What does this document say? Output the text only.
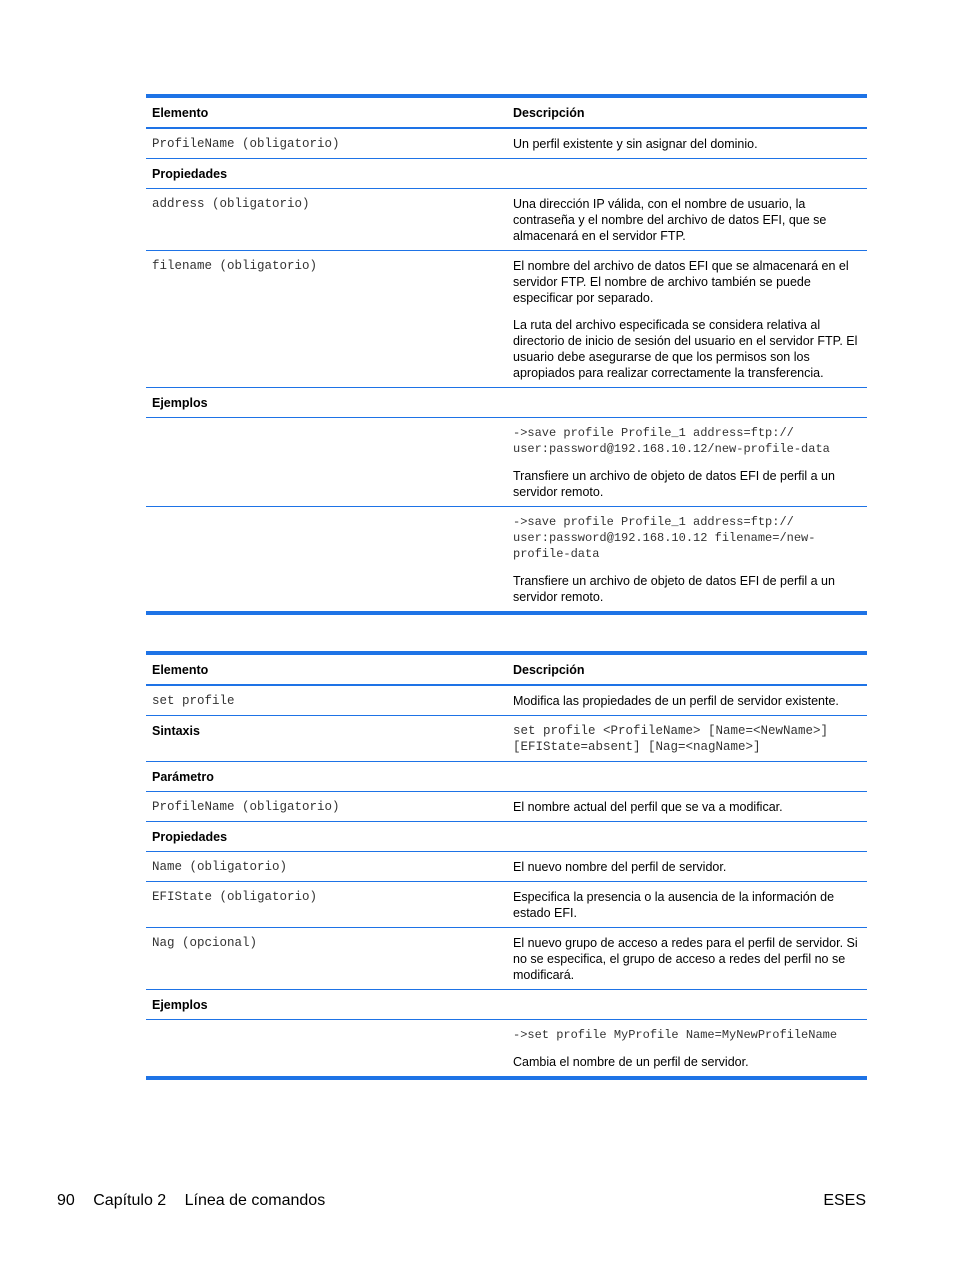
Elemento	Descripción
ProfileName (obligatorio)	Un perfil existente y sin asignar del dominio.
Propiedades	
address (obligatorio)	Una dirección IP válida, con el nombre de usuario, la contraseña y el nombre del archivo de datos EFI, que se almacenará en el servidor FTP.
filename (obligatorio)	El nombre del archivo de datos EFI que se almacenará en el servidor FTP. El nombre de archivo también se puede especificar por separado.
La ruta del archivo especificada se considera relativa al directorio de inicio de sesión del usuario en el servidor FTP. El usuario debe asegurarse de que los permisos son los apropiados para realizar correctamente la transferencia.

Ejemplos	

	->save profile Profile_1 address=ftp://
user:password@192.168.10.12/new-profile-data
Transfiere un archivo de objeto de datos EFI de perfil a un servidor remoto.

	->save profile Profile_1 address=ftp://
user:password@192.168.10.12 filename=/new-
profile-data
Transfiere un archivo de objeto de datos EFI de perfil a un servidor remoto.
Elemento	Descripción
set profile	Modifica las propiedades de un perfil de servidor existente.
Sintaxis	set profile <ProfileName> [Name=<NewName>]
[EFIState=absent] [Nag=<nagName>]
Parámetro	
ProfileName (obligatorio)	El nombre actual del perfil que se va a modificar.
Propiedades	
Name (obligatorio)	El nuevo nombre del perfil de servidor.
EFIState (obligatorio)	Especifica la presencia o la ausencia de la información de estado EFI.
Nag (opcional)	El nuevo grupo de acceso a redes para el perfil de servidor. Si no se especifica, el grupo de acceso a redes del perfil no se modificará.
Ejemplos	

	->set profile MyProfile Name=MyNewProfileName
Cambia el nombre de un perfil de servidor.
90 Capítulo 2 Línea de comandos	ESES
